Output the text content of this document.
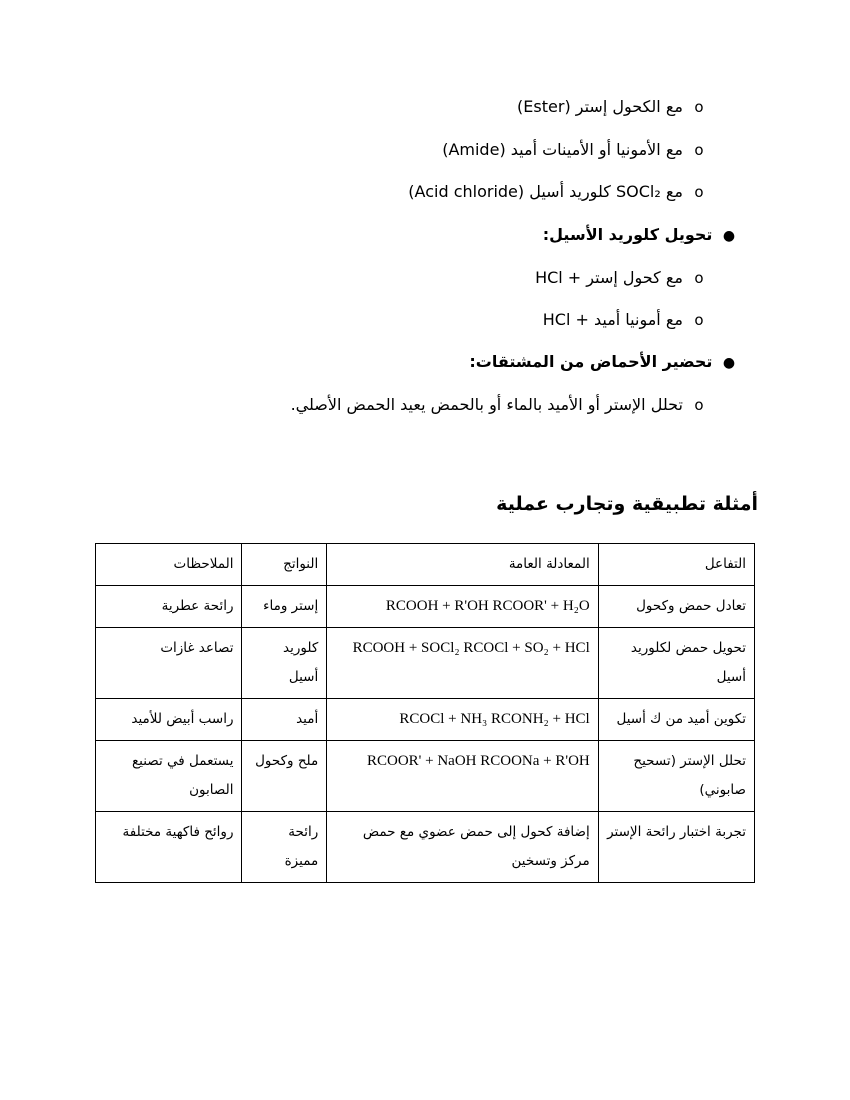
o مع الكحول إستر (Ester)
o مع الأمونيا أو الأمينات أميد (Amide)
o مع SOCl₂ كلوريد أسيل (Acid chloride)
● تحويل كلوريد الأسيل:
o مع كحول إستر + HCl
o مع أمونيا أميد + HCl
● تحضير الأحماض من المشتقات:
o تحلل الإستر أو الأميد بالماء أو بالحمض يعيد الحمض الأصلي.
أمثلة تطبيقية وتجارب عملية
التفاعل	المعادلة العامة	النواتج	الملاحظات
تعادل حمض وكحول	RCOOH + R'OH RCOOR' + H₂O	إستر وماء	رائحة عطرية
تحويل حمض لكلوريد أسيل	RCOOH + SOCl₂ RCOCl + SO₂ + HCl	كلوريد أسيل	تصاعد غازات
تكوين أميد من ك أسيل	RCOCl + NH₃ RCONH₂ + HCl	أميد	راسب أبيض للأميد
تحلل الإستر (تسحيح صابوني)	RCOOR' + NaOH RCOONa + R'OH	ملح وكحول	يستعمل في تصنيع الصابون
تجربة اختبار رائحة الإستر	إضافة كحول إلى حمض عضوي مع حمض مركز وتسخين	رائحة مميزة	روائح فاكهية مختلفة
